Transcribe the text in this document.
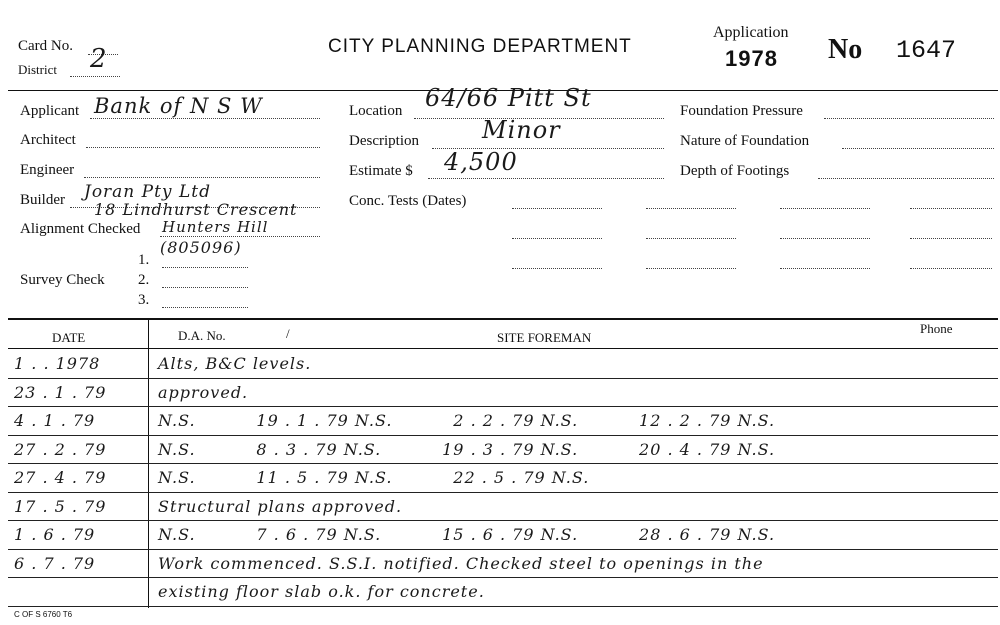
Card No.
District 2	CITY PLANNING DEPARTMENT
Application
1978 No 1647
Applicant Bank of N S W
Architect
Engineer
Builder Joran Pty Ltd
18 Lindhurst Crescent
Alignment Checked Hunters Hill
(805096)
Survey Check
1.
2.
3.
Location 64/66 Pitt St
Description	Minor
Estimate $ 4,500
Conc. Tests (Dates)
Foundation Pressure
Nature of Foundation
Depth of Footings
DATE	D.A. No.	/	SITE FOREMAN
Phone
1 . . 1978	Alts, B&C levels.
23 . 1 . 79	approved.
4 . 1 . 79	N.S.          19 . 1 . 79 N.S.          2 . 2 . 79 N.S.          12 . 2 . 79 N.S.
27 . 2 . 79	N.S.          8 . 3 . 79 N.S.          19 . 3 . 79 N.S.          20 . 4 . 79 N.S.
27 . 4 . 79	N.S.          11 . 5 . 79 N.S.          22 . 5 . 79 N.S.
17 . 5 . 79	Structural plans approved.
1 . 6 . 79	N.S.          7 . 6 . 79 N.S.          15 . 6 . 79 N.S.          28 . 6 . 79 N.S.
6 . 7 . 79	Work commenced. S.S.I. notified. Checked steel to openings in the
existing floor slab o.k. for concrete.
C OF S 6760 T6
